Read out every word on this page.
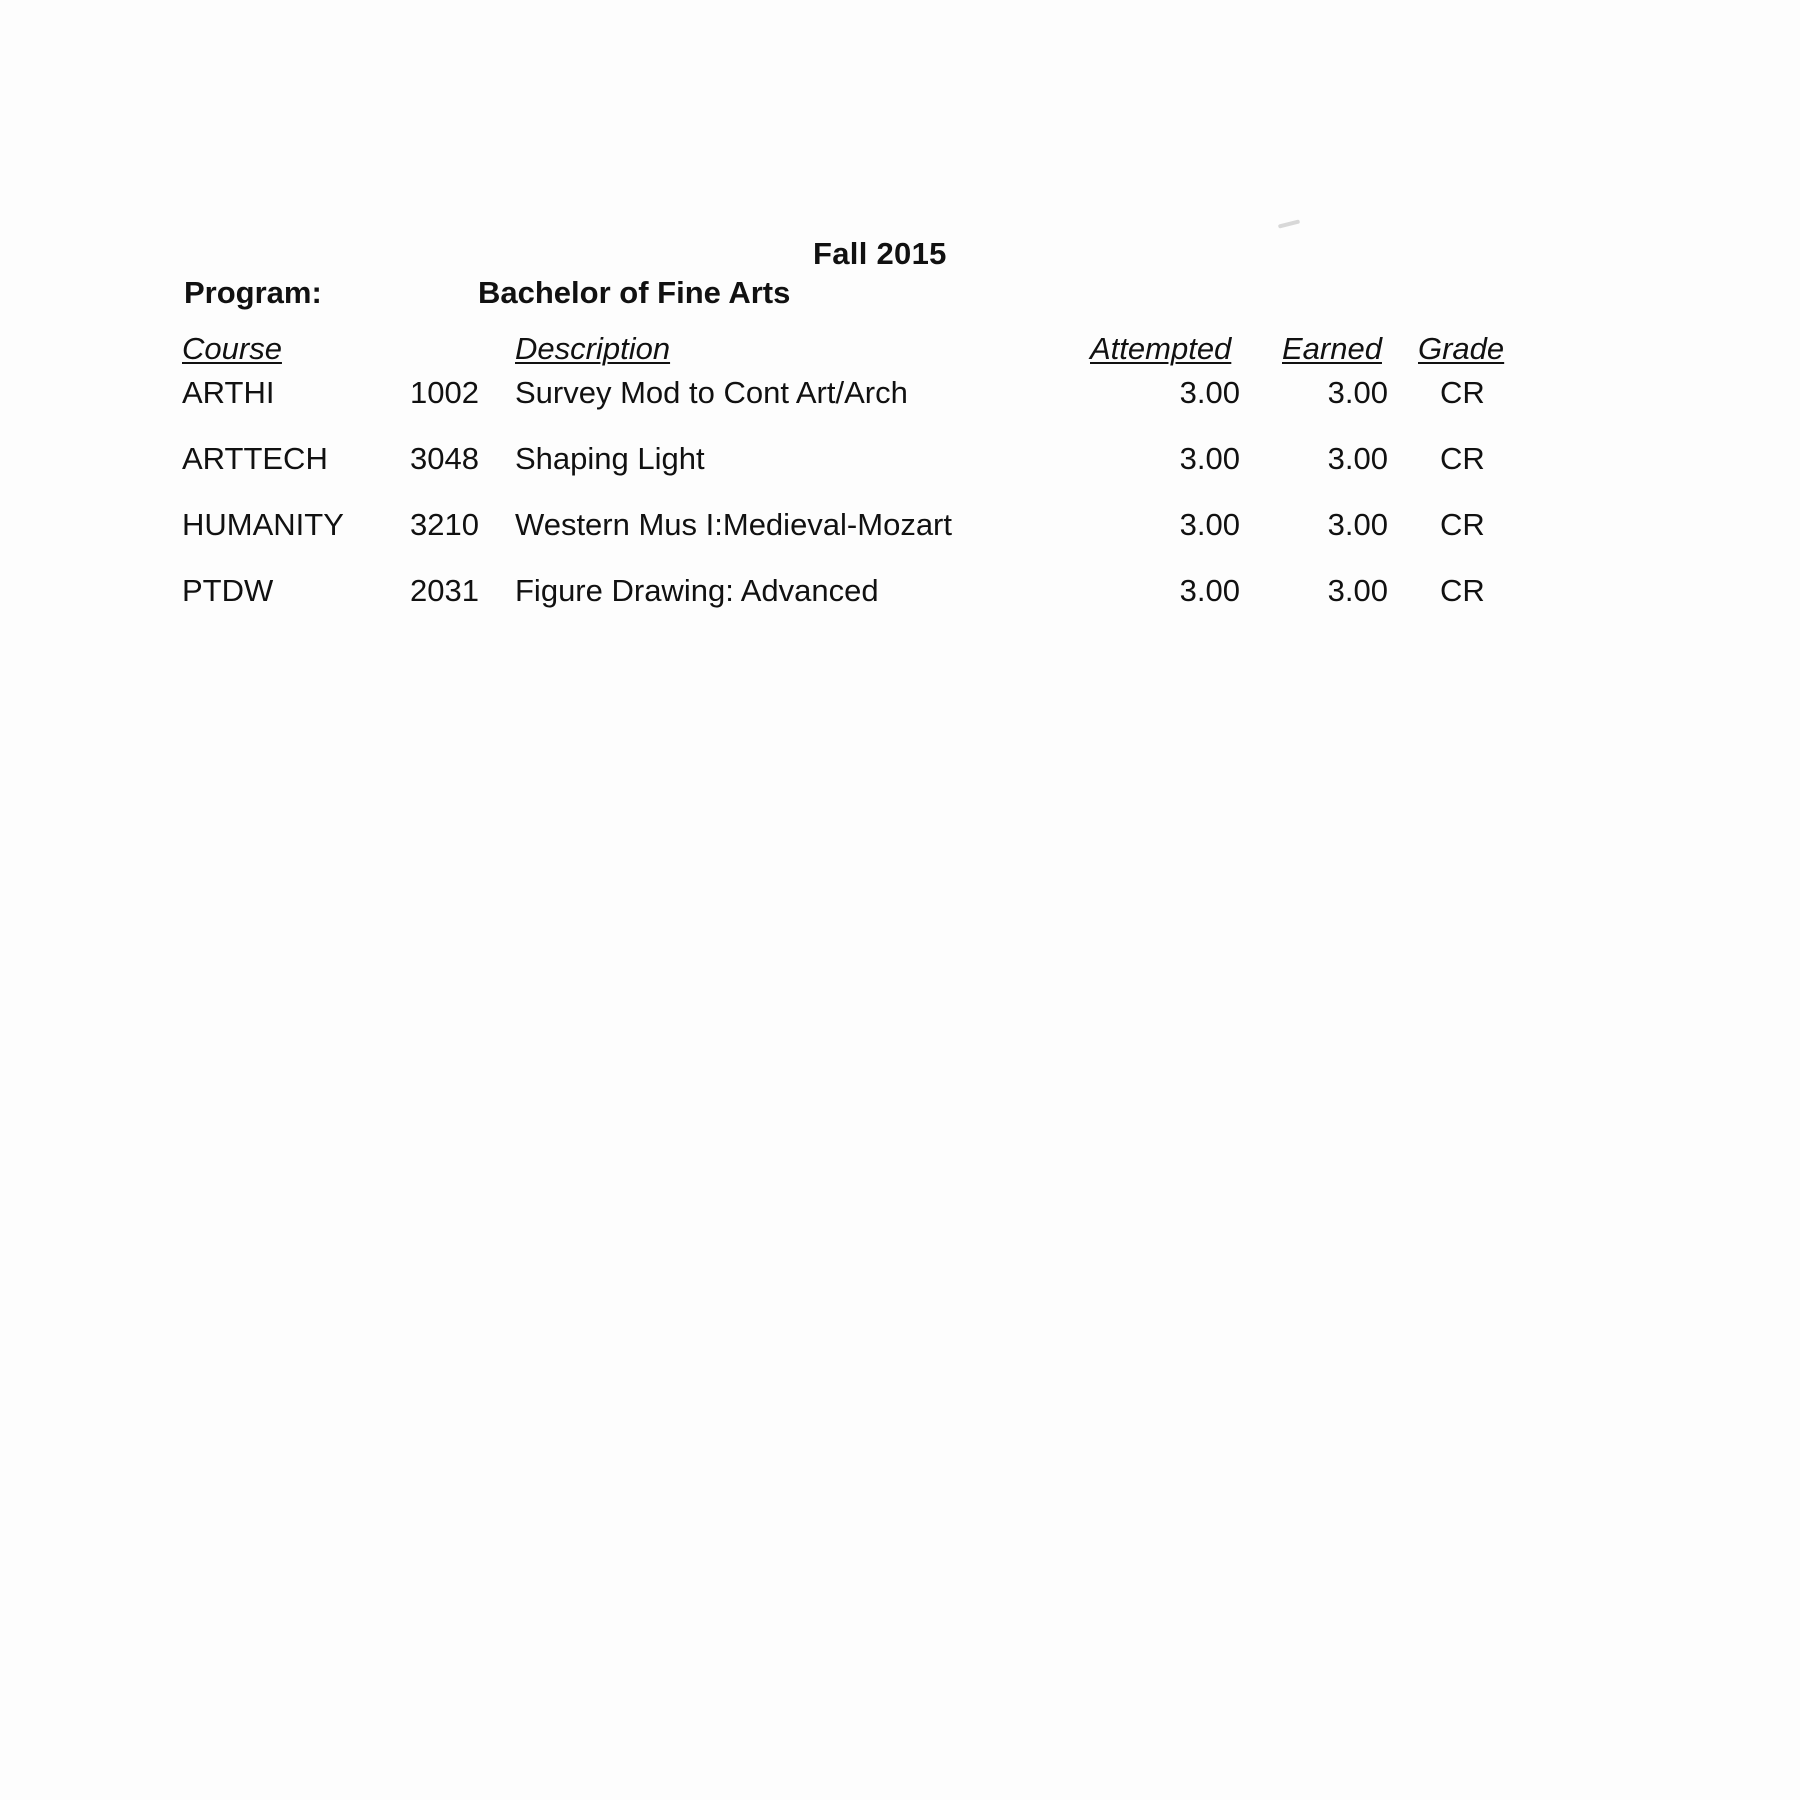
Fall 2015
Program:	Bachelor of Fine Arts
Course	Description	Attempted Earned Grade
ARTHI	1002 Survey Mod to Cont Art/Arch	3.00	3.00 CR
ARTTECH	3048 Shaping Light	3.00	3.00 CR
HUMANITY 3210 Western Mus I:Medieval-Mozart	3.00	3.00 CR
PTDW	2031 Figure Drawing: Advanced	3.00	3.00 CR
